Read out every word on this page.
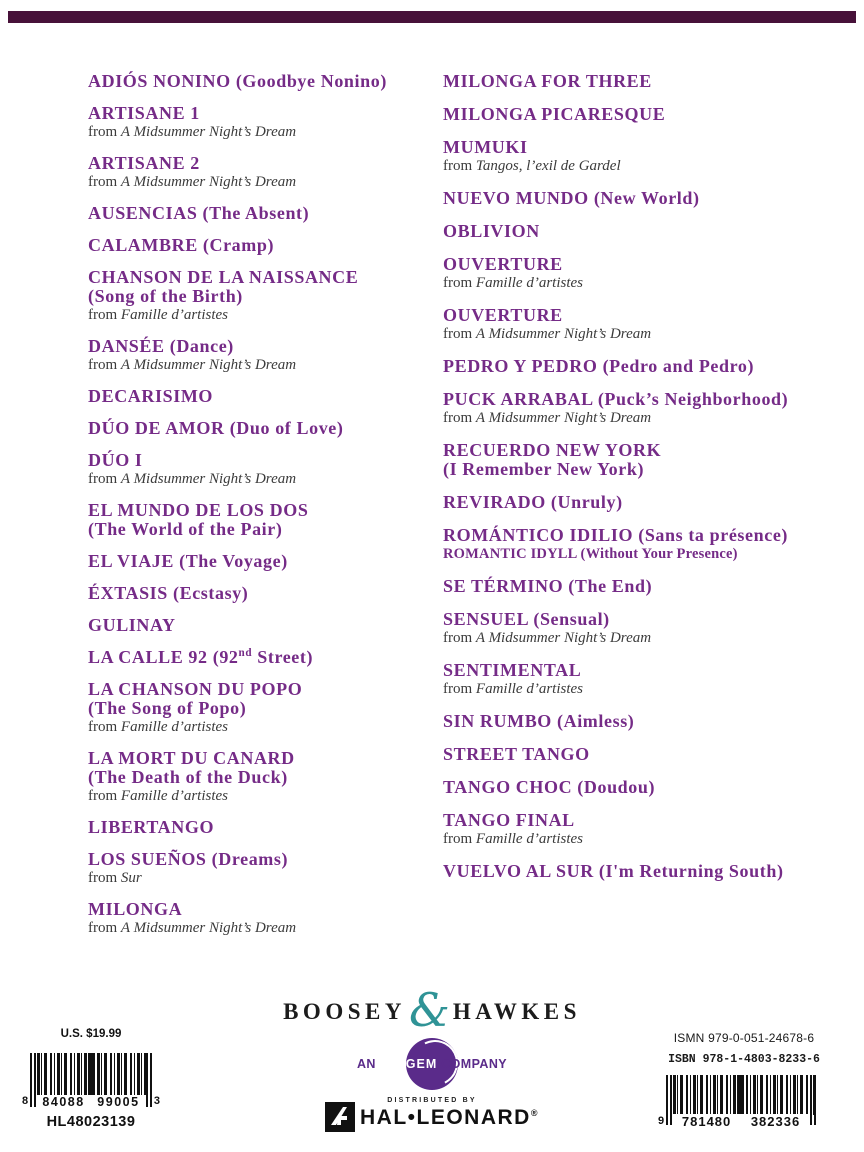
ADIÓS NONINO (Goodbye Nonino)
ARTISANE 1
from A Midsummer Night’s Dream
ARTISANE 2
from A Midsummer Night’s Dream
AUSENCIAS (The Absent)
CALAMBRE (Cramp)
CHANSON DE LA NAISSANCE
(Song of the Birth)
from Famille d’artistes
DANSÉE (Dance)
from A Midsummer Night’s Dream
DECARISIMO
DÚO DE AMOR (Duo of Love)
DÚO I
from A Midsummer Night’s Dream
EL MUNDO DE LOS DOS
(The World of the Pair)
EL VIAJE (The Voyage)
ÉXTASIS (Ecstasy)
GULINAY
LA CALLE 92 (92nd Street)
LA CHANSON DU POPO
(The Song of Popo)
from Famille d’artistes
LA MORT DU CANARD
(The Death of the Duck)
from Famille d’artistes
LIBERTANGO
LOS SUEÑOS (Dreams)
from Sur
MILONGA
from A Midsummer Night’s Dream
MILONGA FOR THREE
MILONGA PICARESQUE
MUMUKI
from Tangos, l’exil de Gardel
NUEVO MUNDO (New World)
OBLIVION
OUVERTURE
from Famille d’artistes
OUVERTURE
from A Midsummer Night’s Dream
PEDRO Y PEDRO (Pedro and Pedro)
PUCK ARRABAL (Puck’s Neighborhood)
from A Midsummer Night’s Dream
RECUERDO NEW YORK
(I Remember New York)
REVIRADO (Unruly)
ROMÁNTICO IDILIO (Sans ta présence)
ROMANTIC IDYLL (Without Your Presence)
SE TÉRMINO (The End)
SENSUEL (Sensual)
from A Midsummer Night’s Dream
SENTIMENTAL
from Famille d’artistes
SIN RUMBO (Aimless)
STREET TANGO
TANGO CHOC (Doudou)
TANGO FINAL
from Famille d’artistes
VUELVO AL SUR (I'm Returning South)
U.S. $19.99
8 84088 99005 3
HL48023139
BOOSEY & HAWKES
AN IMAGEM COMPANY
DISTRIBUTED BY
HAL•LEONARD®
ISMN 979-0-051-24678-6
ISBN 978-1-4803-8233-6
9 781480 382336
